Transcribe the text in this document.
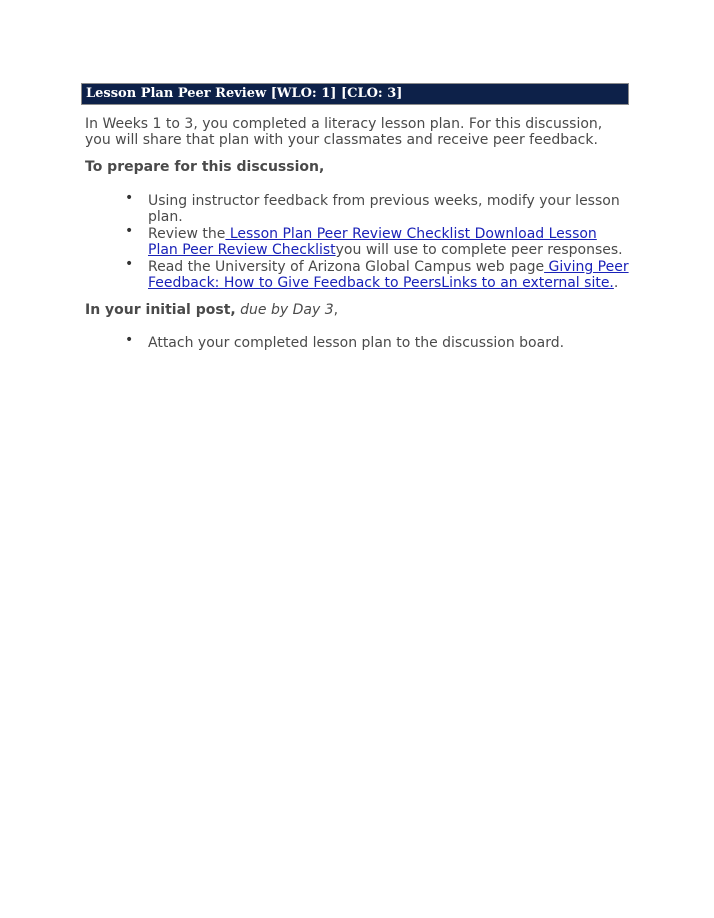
Lesson Plan Peer Review [WLO: 1] [CLO: 3]

In Weeks 1 to 3, you completed a literacy lesson plan. For this discussion, you will share that plan with your classmates and receive peer feedback.

To prepare for this discussion,

• Using instructor feedback from previous weeks, modify your lesson plan.
• Review the Lesson Plan Peer Review Checklist Download Lesson Plan Peer Review Checklistyou will use to complete peer responses.
• Read the University of Arizona Global Campus web page Giving Peer Feedback: How to Give Feedback to PeersLinks to an external site..

In your initial post, due by Day 3,

• Attach your completed lesson plan to the discussion board.
